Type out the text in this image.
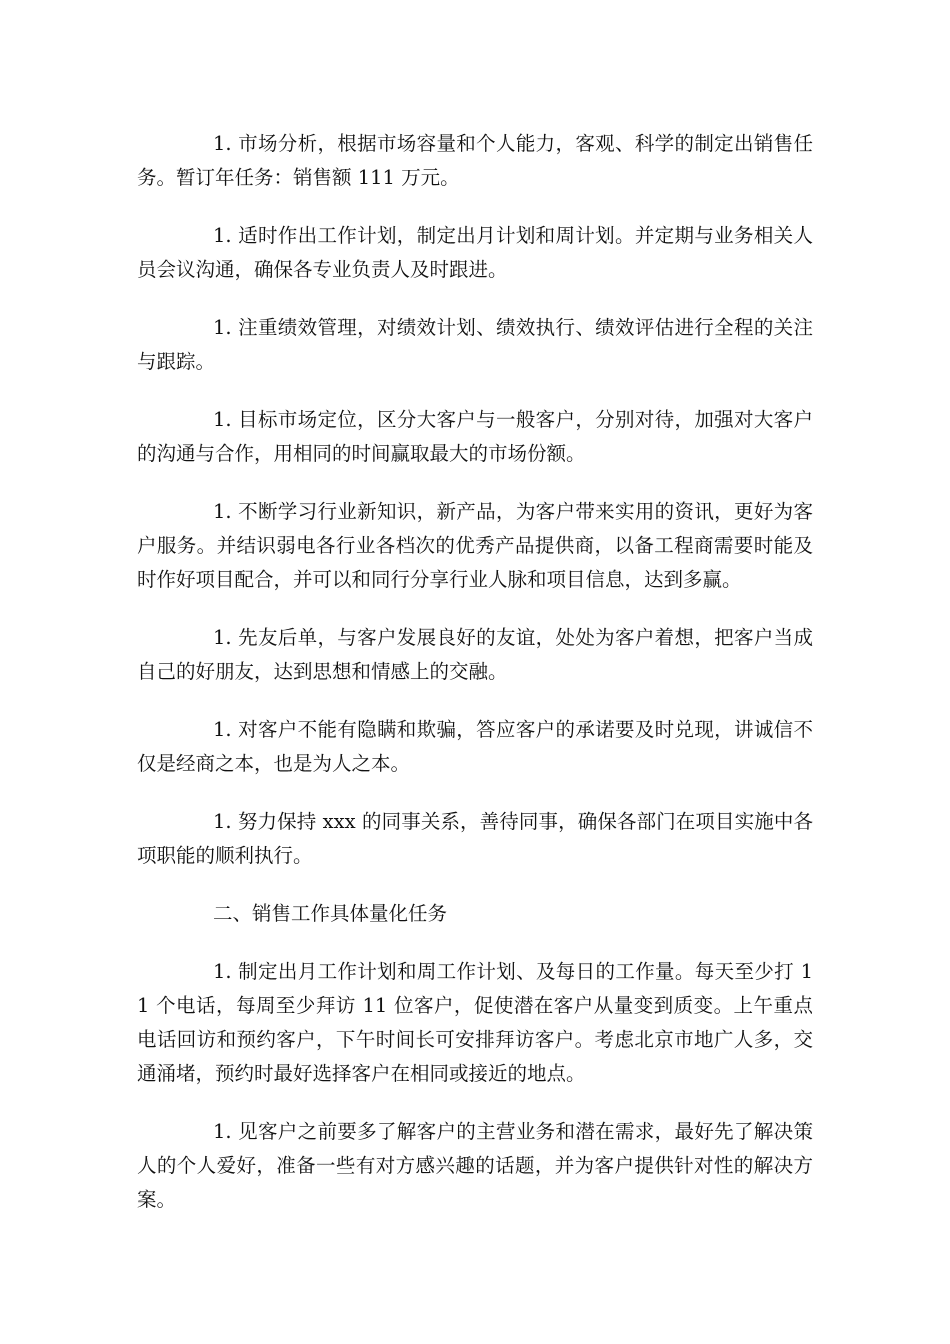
1. 市场分析，根据市场容量和个人能力，客观、科学的制定出销售任务。暂订年任务：销售额 111 万元。

1. 适时作出工作计划，制定出月计划和周计划。并定期与业务相关人员会议沟通，确保各专业负责人及时跟进。

1. 注重绩效管理，对绩效计划、绩效执行、绩效评估进行全程的关注与跟踪。

1. 目标市场定位，区分大客户与一般客户，分别对待，加强对大客户的沟通与合作，用相同的时间赢取最大的市场份额。

1. 不断学习行业新知识，新产品，为客户带来实用的资讯，更好为客户服务。并结识弱电各行业各档次的优秀产品提供商，以备工程商需要时能及时作好项目配合，并可以和同行分享行业人脉和项目信息，达到多赢。

1. 先友后单，与客户发展良好的友谊，处处为客户着想，把客户当成自己的好朋友，达到思想和情感上的交融。

1. 对客户不能有隐瞒和欺骗，答应客户的承诺要及时兑现，讲诚信不仅是经商之本，也是为人之本。

1. 努力保持 xxx 的同事关系，善待同事，确保各部门在项目实施中各项职能的顺利执行。

二、销售工作具体量化任务

1. 制定出月工作计划和周工作计划、及每日的工作量。每天至少打 11 个电话，每周至少拜访 11 位客户，促使潜在客户从量变到质变。上午重点电话回访和预约客户，下午时间长可安排拜访客户。考虑北京市地广人多，交通涌堵，预约时最好选择客户在相同或接近的地点。

1. 见客户之前要多了解客户的主营业务和潜在需求，最好先了解决策人的个人爱好，准备一些有对方感兴趣的话题，并为客户提供针对性的解决方案。
